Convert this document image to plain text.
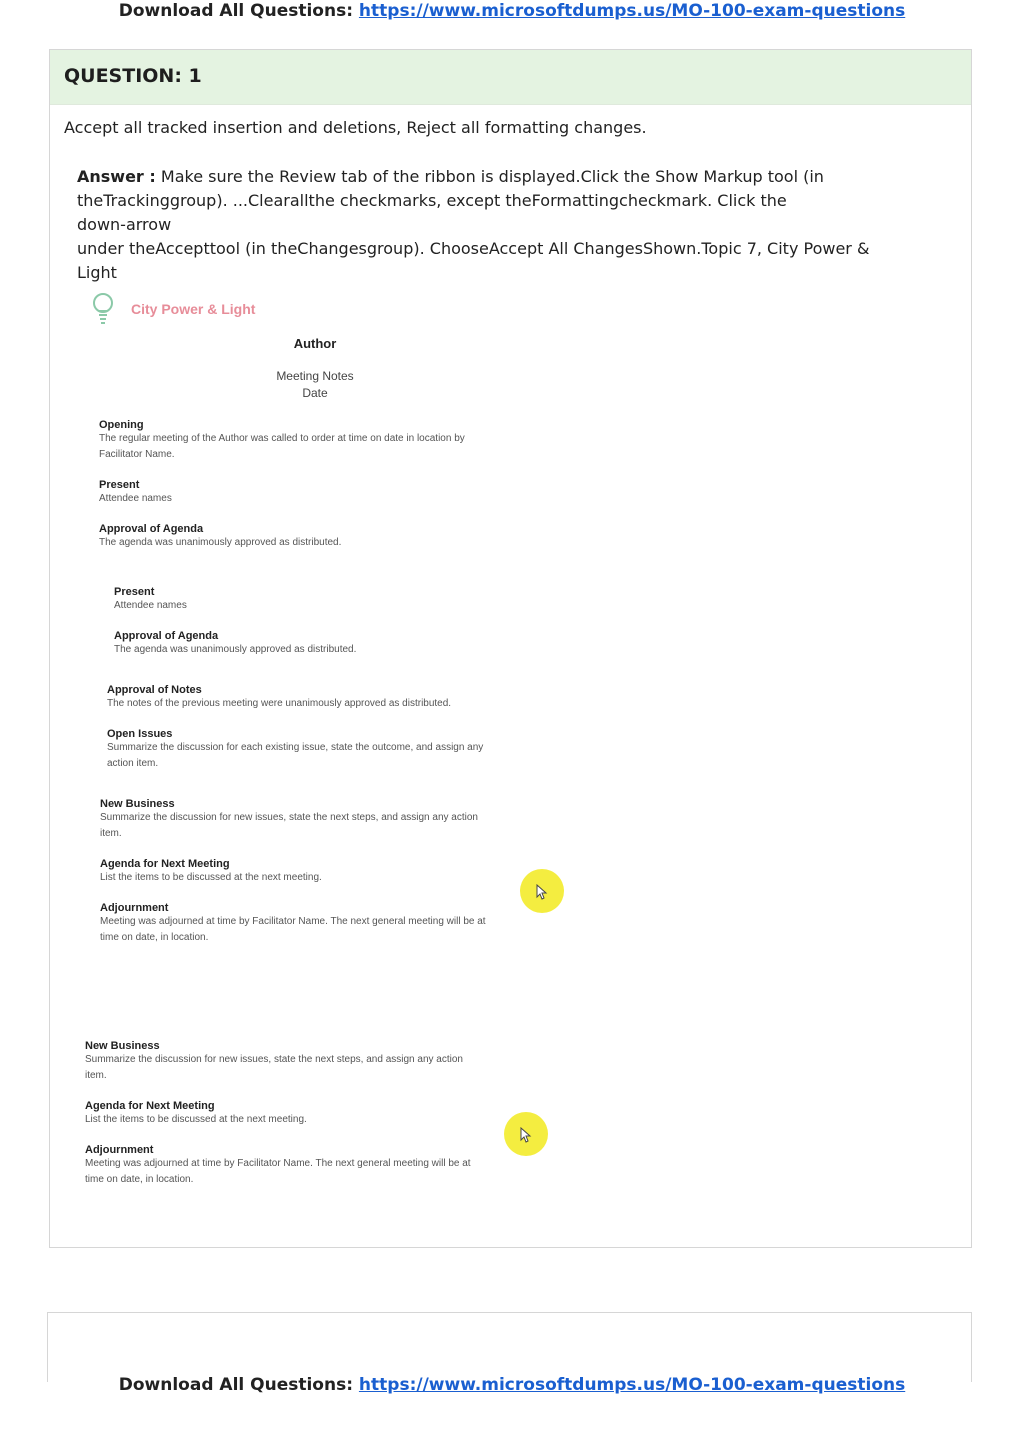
Download All Questions: https://www.microsoftdumps.us/MO-100-exam-questions
QUESTION: 1
Accept all tracked insertion and deletions, Reject all formatting changes.
Answer : Make sure the Review tab of the ribbon is displayed.Click the Show Markup tool (in
theTrackinggroup). ...Clearallthe checkmarks, except theFormattingcheckmark. Click the
down-arrow
under theAccepttool (in theChangesgroup). ChooseAccept All ChangesShown.Topic 7, City Power &
Light
City Power & Light
Author
Meeting Notes
Date
Opening
The regular meeting of the Author was called to order at time on date in location by
Facilitator Name.
Present
Attendee names
Approval of Agenda
The agenda was unanimously approved as distributed.
Present
Attendee names
Approval of Agenda
The agenda was unanimously approved as distributed.
Approval of Notes
The notes of the previous meeting were unanimously approved as distributed.
Open Issues
Summarize the discussion for each existing issue, state the outcome, and assign any
action item.
New Business
Summarize the discussion for new issues, state the next steps, and assign any action
item.
Agenda for Next Meeting
List the items to be discussed at the next meeting.
Adjournment
Meeting was adjourned at time by Facilitator Name. The next general meeting will be at
time on date, in location.
New Business
Summarize the discussion for new issues, state the next steps, and assign any action
item.
Agenda for Next Meeting
List the items to be discussed at the next meeting.
Adjournment
Meeting was adjourned at time by Facilitator Name. The next general meeting will be at
time on date, in location.
Download All Questions: https://www.microsoftdumps.us/MO-100-exam-questions
